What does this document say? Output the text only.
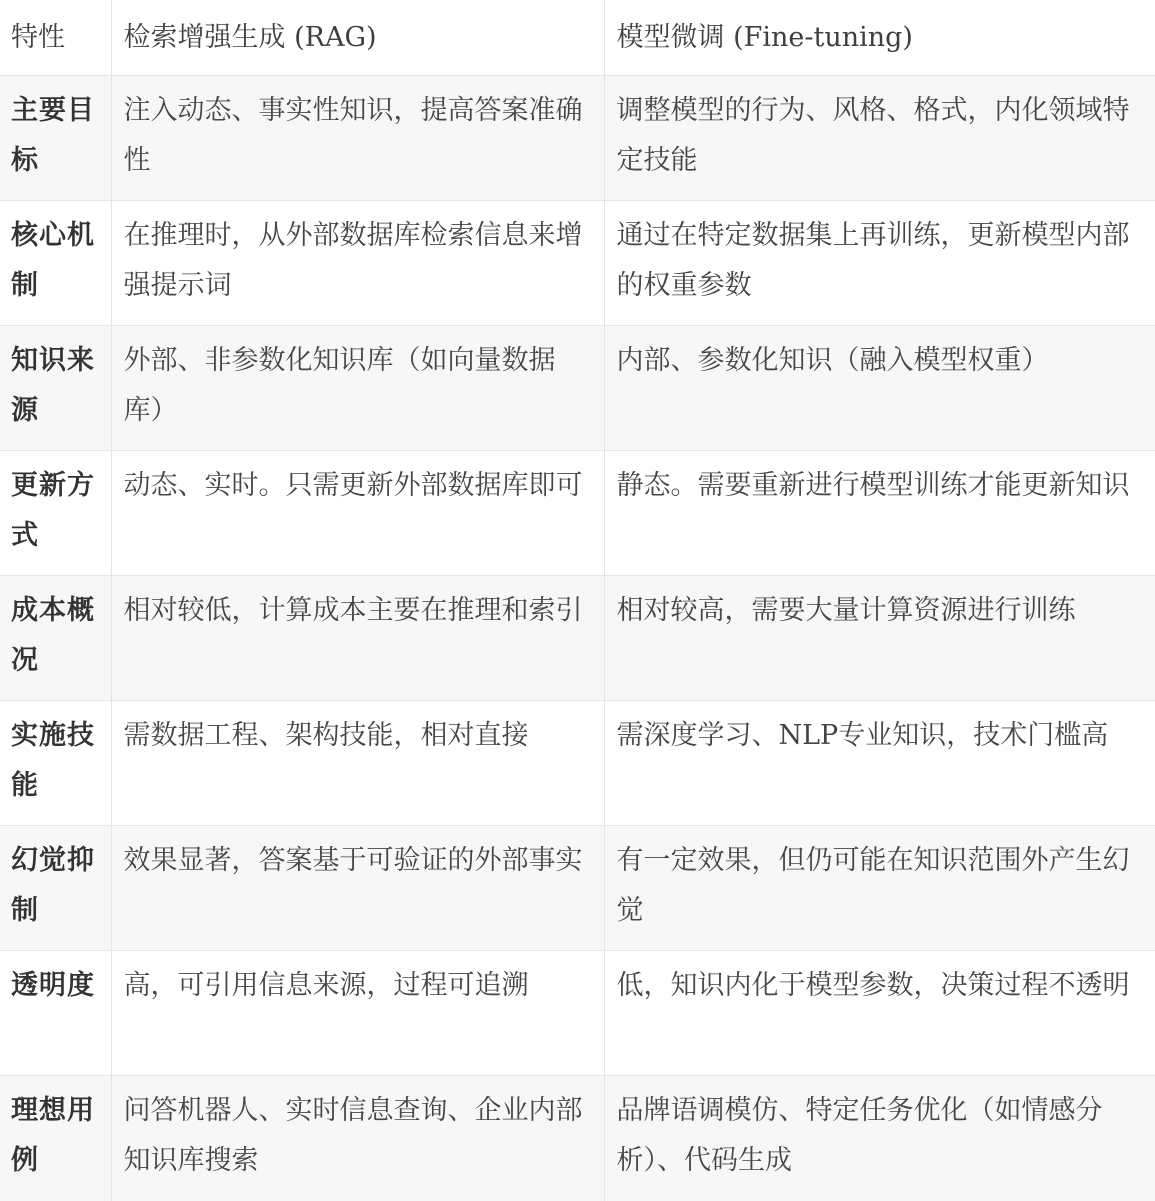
特性	检索增强生成 (RAG)	模型微调 (Fine-tuning)
主要目标	注入动态、事实性知识，提高答案准确性	调整模型的行为、风格、格式，内化领域特定技能
核心机制	在推理时，从外部数据库检索信息来增强提示词	通过在特定数据集上再训练，更新模型内部的权重参数
知识来源	外部、非参数化知识库（如向量数据库）	内部、参数化知识（融入模型权重）
更新方式	动态、实时。只需更新外部数据库即可	静态。需要重新进行模型训练才能更新知识
成本概况	相对较低，计算成本主要在推理和索引	相对较高，需要大量计算资源进行训练
实施技能	需数据工程、架构技能，相对直接	需深度学习、NLP专业知识，技术门槛高
幻觉抑制	效果显著，答案基于可验证的外部事实	有一定效果，但仍可能在知识范围外产生幻觉
透明度	高，可引用信息来源，过程可追溯	低，知识内化于模型参数，决策过程不透明
理想用例	问答机器人、实时信息查询、企业内部知识库搜索	品牌语调模仿、特定任务优化（如情感分析）、代码生成
